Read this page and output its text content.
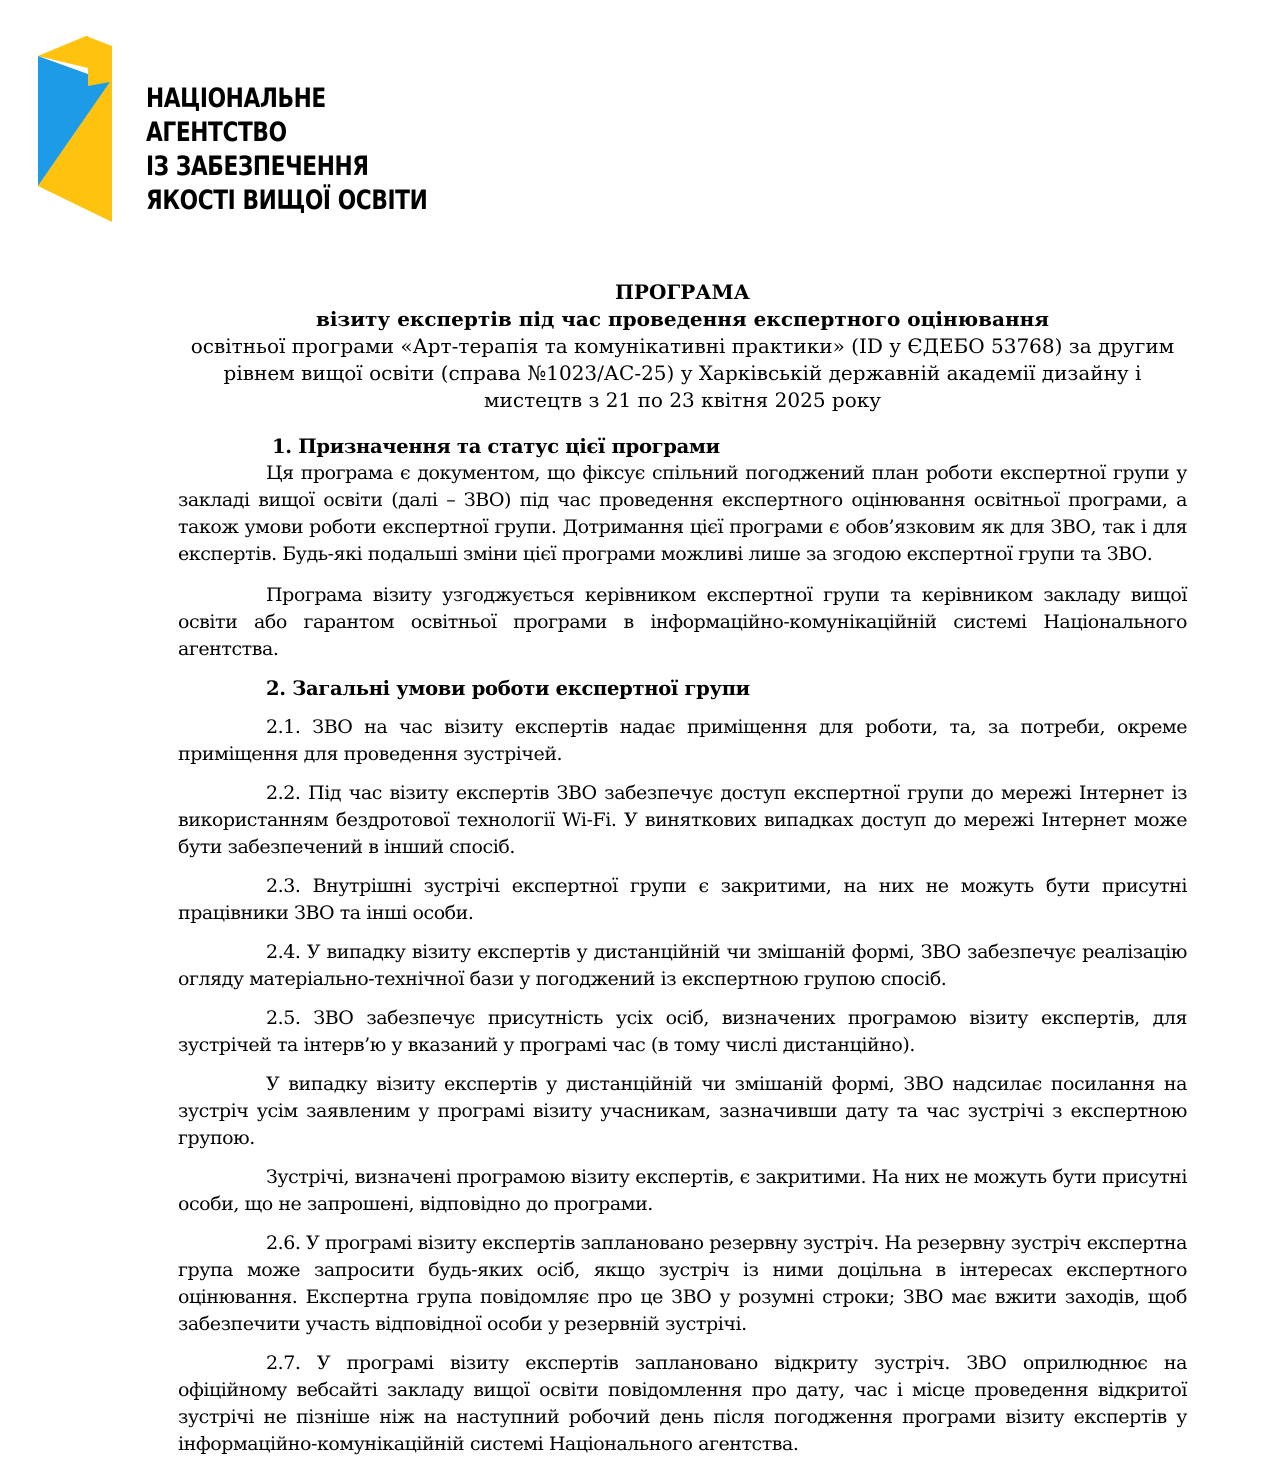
НАЦІОНАЛЬНЕ
АГЕНТСТВО
ІЗ ЗАБЕЗПЕЧЕННЯ
ЯКОСТІ ВИЩОЇ ОСВІТИ
ПРОГРАМА
візиту експертів під час проведення експертного оцінювання
освітньої програми «Арт-терапія та комунікативні практики» (ID у ЄДЕБО 53768) за другим
рівнем вищої освіти (справа №1023/АС-25) у Харківській державній академії дизайну і
мистецтв з 21 по 23 квітня 2025 року
1. Призначення та статус цієї програми

Ця програма є документом, що фіксує спільний погоджений план роботи експертної групи у закладі вищої освіти (далі – ЗВО) під час проведення експертного оцінювання освітньої програми, а також умови роботи експертної групи. Дотримання цієї програми є обов’язковим як для ЗВО, так і для експертів. Будь-які подальші зміни цієї програми можливі лише за згодою експертної групи та ЗВО.

Програма візиту узгоджується керівником експертної групи та керівником закладу вищої освіти або гарантом освітньої програми в інформаційно-комунікаційній системі Національного агентства.

2. Загальні умови роботи експертної групи

2.1. ЗВО на час візиту експертів надає приміщення для роботи, та, за потреби, окреме приміщення для проведення зустрічей.

2.2. Під час візиту експертів ЗВО забезпечує доступ експертної групи до мережі Інтернет із використанням бездротової технології Wi-Fi. У виняткових випадках доступ до мережі Інтернет може бути забезпечений в інший спосіб.

2.3. Внутрішні зустрічі експертної групи є закритими, на них не можуть бути присутні працівники ЗВО та інші особи.

2.4. У випадку візиту експертів у дистанційній чи змішаній формі, ЗВО забезпечує реалізацію огляду матеріально-технічної бази у погоджений із експертною групою спосіб.

2.5. ЗВО забезпечує присутність усіх осіб, визначених програмою візиту експертів, для зустрічей та інтерв’ю у вказаний у програмі час (в тому числі дистанційно).

У випадку візиту експертів у дистанційній чи змішаній формі, ЗВО надсилає посилання на зустріч усім заявленим у програмі візиту учасникам, зазначивши дату та час зустрічі з експертною групою.

Зустрічі, визначені програмою візиту експертів, є закритими. На них не можуть бути присутні особи, що не запрошені, відповідно до програми.

2.6. У програмі візиту експертів заплановано резервну зустріч. На резервну зустріч експертна група може запросити будь-яких осіб, якщо зустріч із ними доцільна в інтересах експертного оцінювання. Експертна група повідомляє про це ЗВО у розумні строки; ЗВО має вжити заходів, щоб забезпечити участь відповідної особи у резервній зустрічі.

2.7. У програмі візиту експертів заплановано відкриту зустріч. ЗВО оприлюднює на офіційному вебсайті закладу вищої освіти повідомлення про дату, час і місце проведення відкритої зустрічі не пізніше ніж на наступний робочий день після погодження програми візиту експертів у інформаційно-комунікаційній системі Національного агентства.
